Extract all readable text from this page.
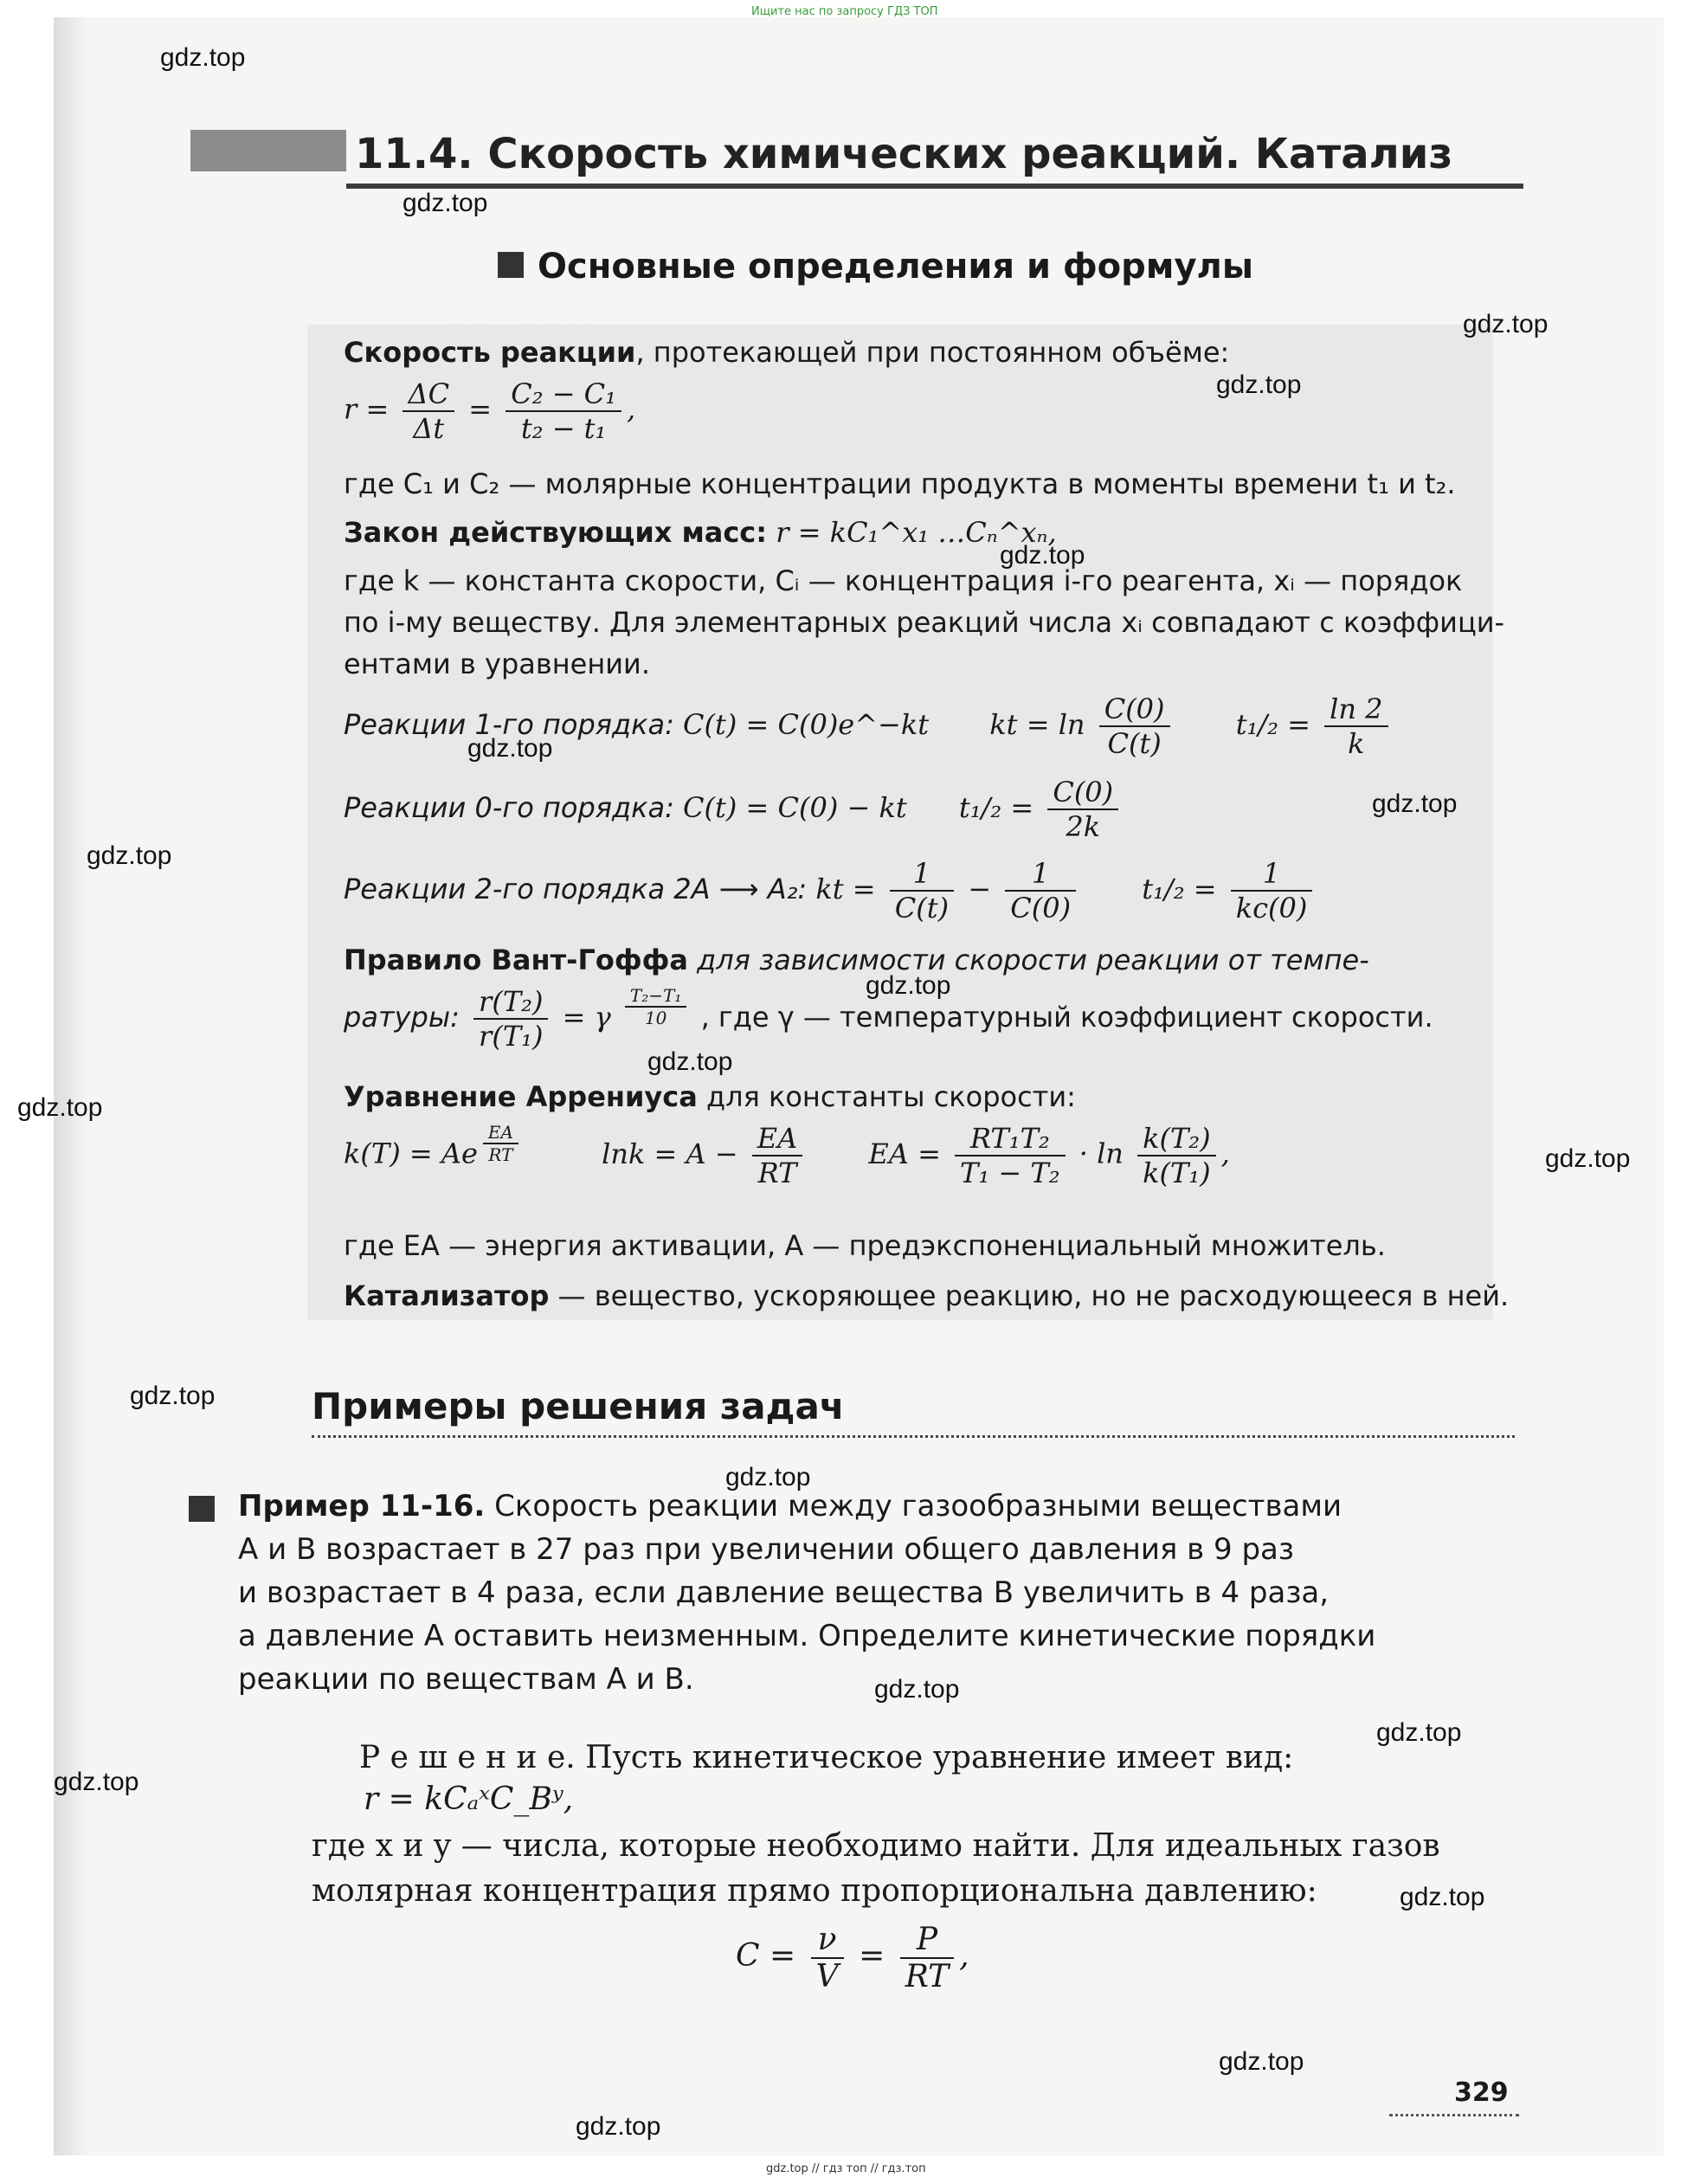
Ищите нас по запросу ГДЗ ТОП
11.4. Скорость химических реакций. Катализ
Основные определения и формулы
Скорость реакции, протекающей при постоянном объёме:
$r = \frac{\Delta C}{\Delta t} = \frac{\text{C₂ − C₁}}{\text{t₂ − t₁}}$ ,
где C₁ и C₂ — молярные концентрации продукта в моменты времени t₁ и t₂.
Закон действующих масс: r = kC₁^x₁ …Cₙ^xₙ,
где k — константа скорости, Cᵢ — концентрация i-го реагента, xᵢ — порядок
по i-му веществу. Для элементарных реакций числа xᵢ совпадают с коэффици-
ентами в уравнении.
Реакции 1-го порядка: C(t) = C(0)e^−kt kt = $\ln \frac{C(0)}{C(t)} t_1/_2 = \frac{\ln 2}{k}$
Реакции 0-го порядка: C(t) = C(0) − kt $t_1/_2 = \frac{C(0)}{2k}$
Реакции 2-го порядка 2A ⟶ A₂: kt = $\frac{1}{C(t)} - \frac{1}{C(0)} t_1/_2 = \frac{1}{kc(0)}$
Правило Вант-Гоффа для зависимости скорости реакции от темпе-
ратуры: $\frac{\text{r(T₂)}}{\text{r(T₁)}} = \gamma \frac{\text{T₂−T₁}}{10}$ , где γ — температурный коэффициент скорости.
Уравнение Аррениуса для константы скорости:
k(T) = Ae $\frac{EA}{RT}$	$\ln k = A - \frac{EA}{RT}$ EA = $\frac{\text{RT₁T₂}}{\text{T₁ − T₂}} \cdot \ln \frac{\text{k(T₂)}}{\text{k(T₁)}}$ ,
где EА — энергия активации, A — предэкспоненциальный множитель.
Катализатор — вещество, ускоряющее реакцию, но не расходующееся в ней.
Примеры решения задач
Пример 11-16. Скорость реакции между газообразными веществами
A и B возрастает в 27 раз при увеличении общего давления в 9 раз
и возрастает в 4 раза, если давление вещества B увеличить в 4 раза,
а давление A оставить неизменным. Определите кинетические порядки
реакции по веществам A и B.
Р е ш е н и е. Пусть кинетическое уравнение имеет вид:
r = kCₐˣC_Bʸ,
где x и y — числа, которые необходимо найти. Для идеальных газов
молярная концентрация прямо пропорциональна давлению:
$C = \frac{\nu}{V} = \frac{P}{RT}$ ,
329
gdz.top
gdz.top
gdz.top
gdz.top
gdz.top
gdz.top
gdz.top
gdz.top
gdz.top
gdz.top
gdz.top
gdz.top
gdz.top
gdz.top
gdz.top
gdz.top
gdz.top
gdz.top
gdz.top
gdz.top
gdz.top // гдз топ // гдз.топ
